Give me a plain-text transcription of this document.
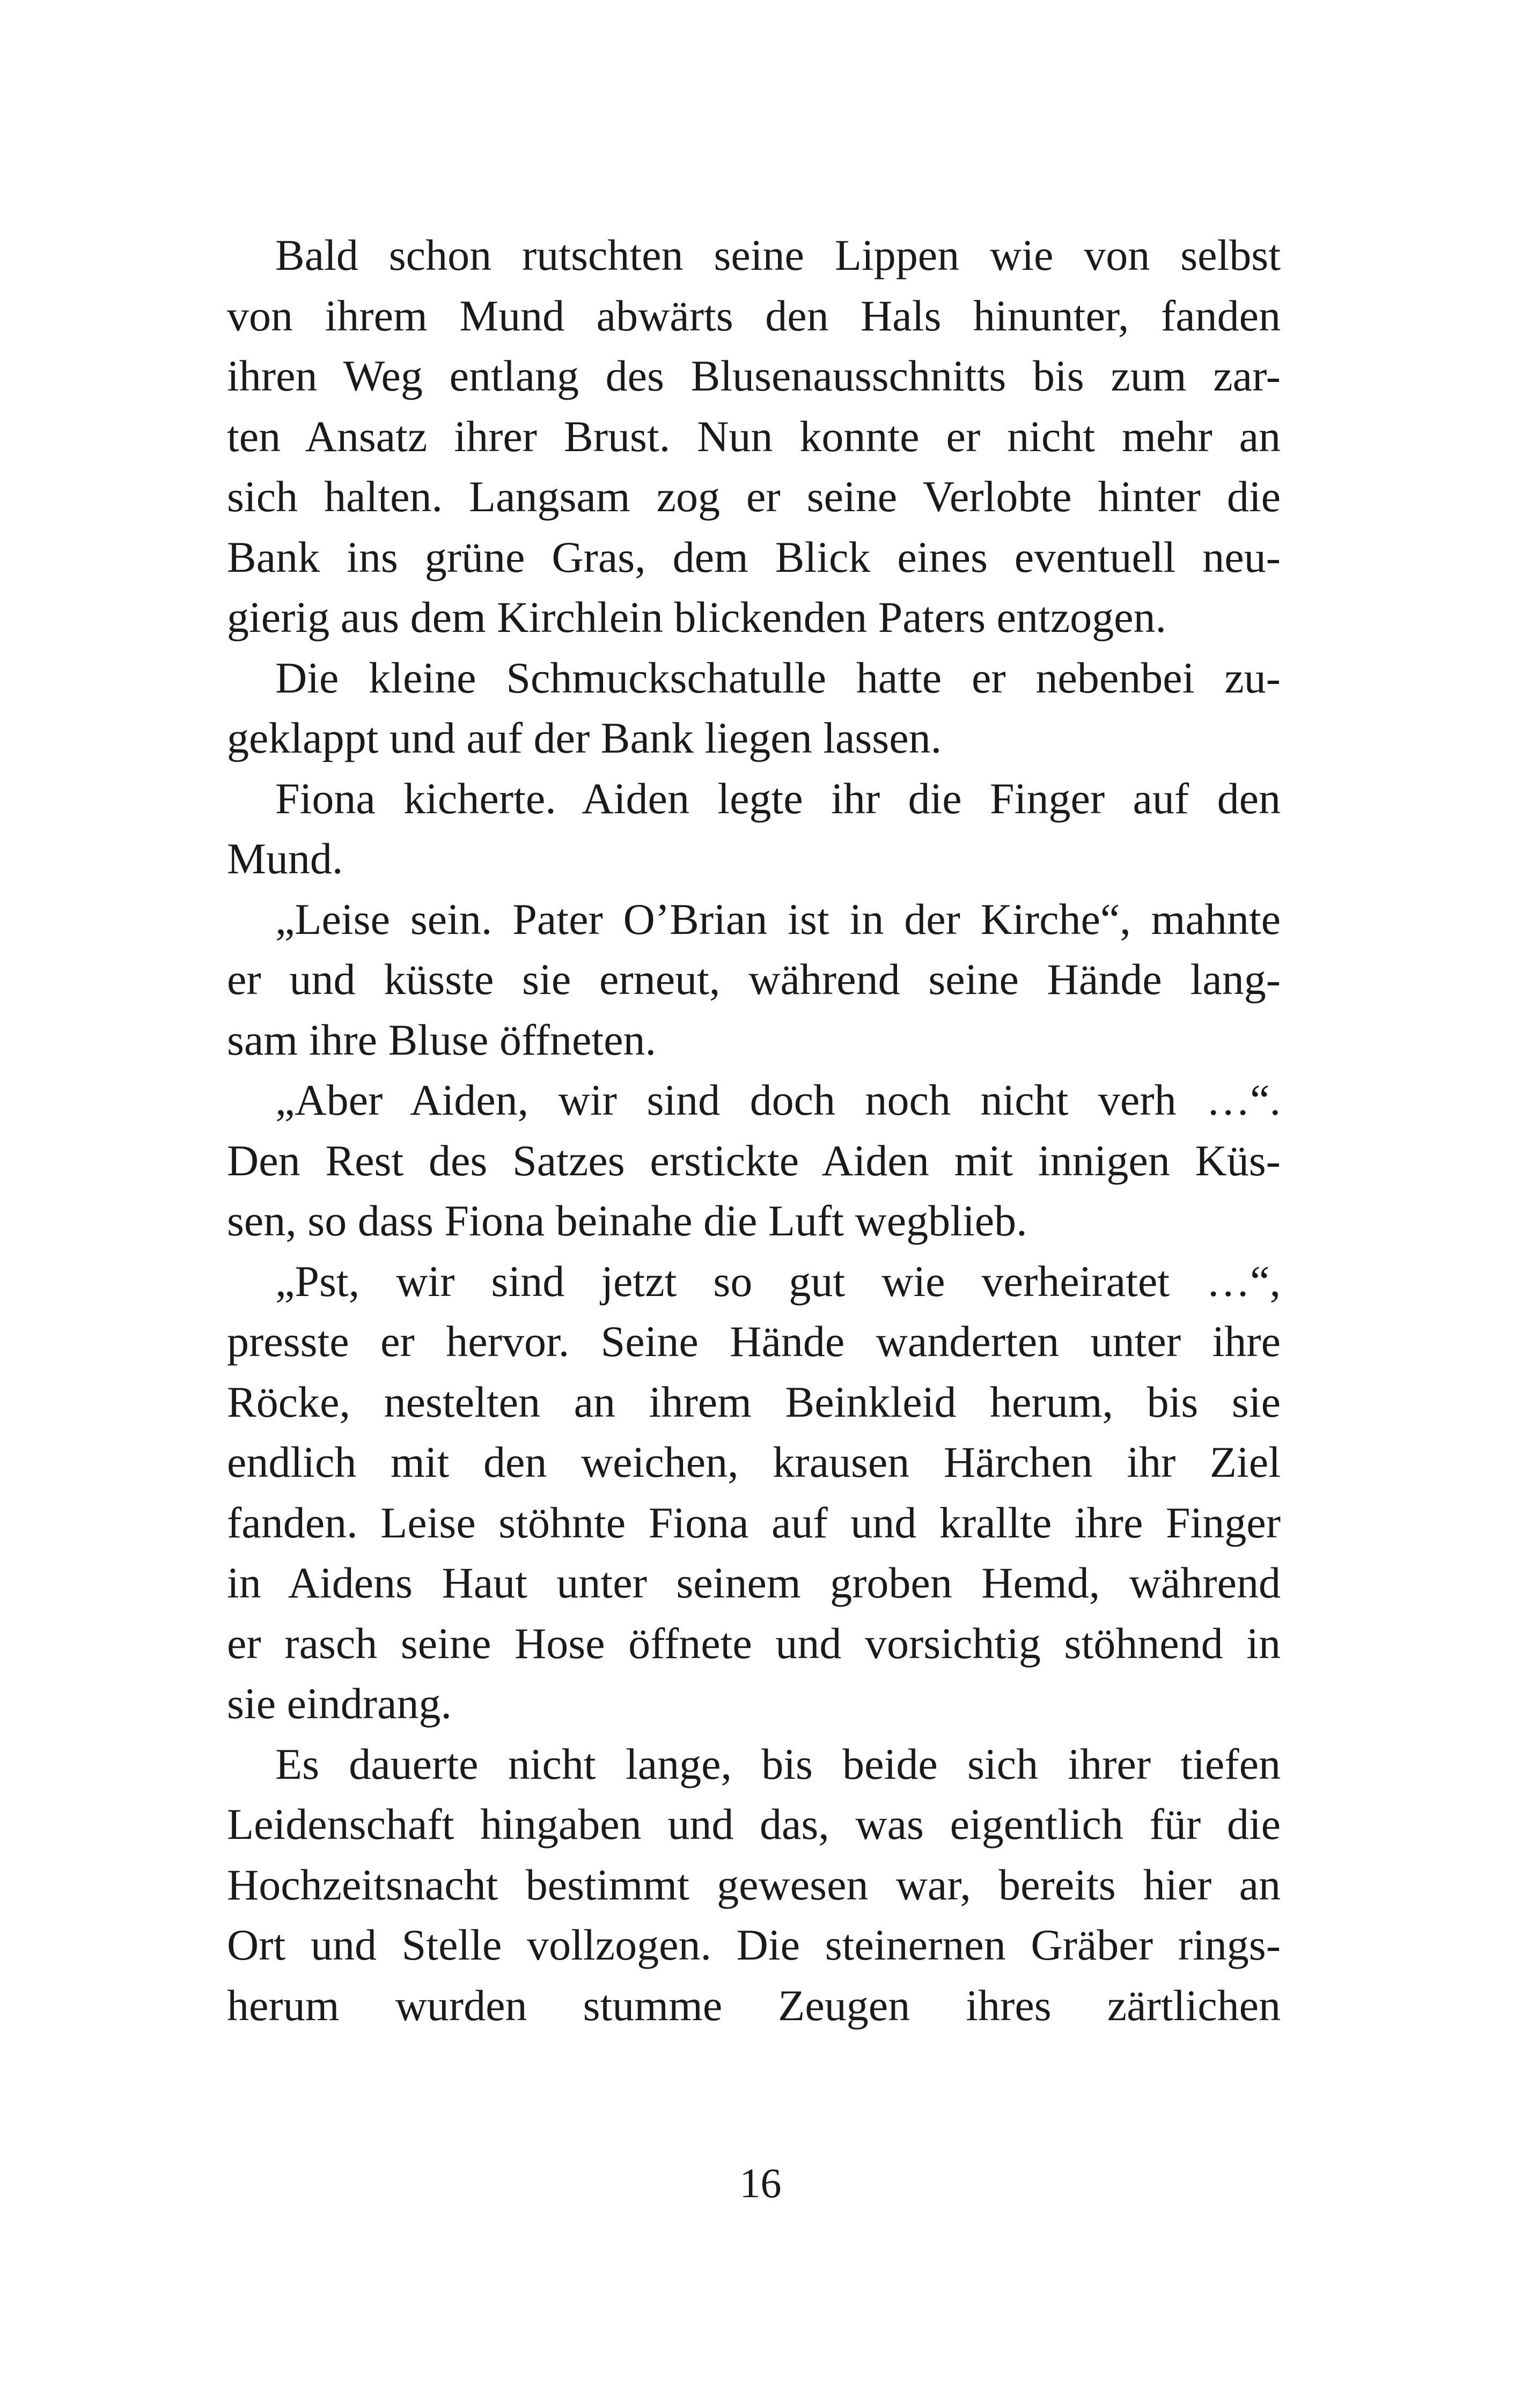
Bald schon rutschten seine Lippen wie von selbst
von ihrem Mund abwärts den Hals hinunter, fanden
ihren Weg entlang des Blusenausschnitts bis zum zar-
ten Ansatz ihrer Brust. Nun konnte er nicht mehr an
sich halten. Langsam zog er seine Verlobte hinter die
Bank ins grüne Gras, dem Blick eines eventuell neu-
gierig aus dem Kirchlein blickenden Paters entzogen.
Die kleine Schmuckschatulle hatte er nebenbei zu-
geklappt und auf der Bank liegen lassen.
Fiona kicherte. Aiden legte ihr die Finger auf den
Mund.
„Leise sein. Pater O’Brian ist in der Kirche“, mahnte
er und küsste sie erneut, während seine Hände lang-
sam ihre Bluse öffneten.
„Aber Aiden, wir sind doch noch nicht verh …“.
Den Rest des Satzes erstickte Aiden mit innigen Küs-
sen, so dass Fiona beinahe die Luft wegblieb.
„Pst, wir sind jetzt so gut wie verheiratet …“,
presste er hervor. Seine Hände wanderten unter ihre
Röcke, nestelten an ihrem Beinkleid herum, bis sie
endlich mit den weichen, krausen Härchen ihr Ziel
fanden. Leise stöhnte Fiona auf und krallte ihre Finger
in Aidens Haut unter seinem groben Hemd, während
er rasch seine Hose öffnete und vorsichtig stöhnend in
sie eindrang.
Es dauerte nicht lange, bis beide sich ihrer tiefen
Leidenschaft hingaben und das, was eigentlich für die
Hochzeitsnacht bestimmt gewesen war, bereits hier an
Ort und Stelle vollzogen. Die steinernen Gräber rings-
herum wurden stumme Zeugen ihres zärtlichen
16
